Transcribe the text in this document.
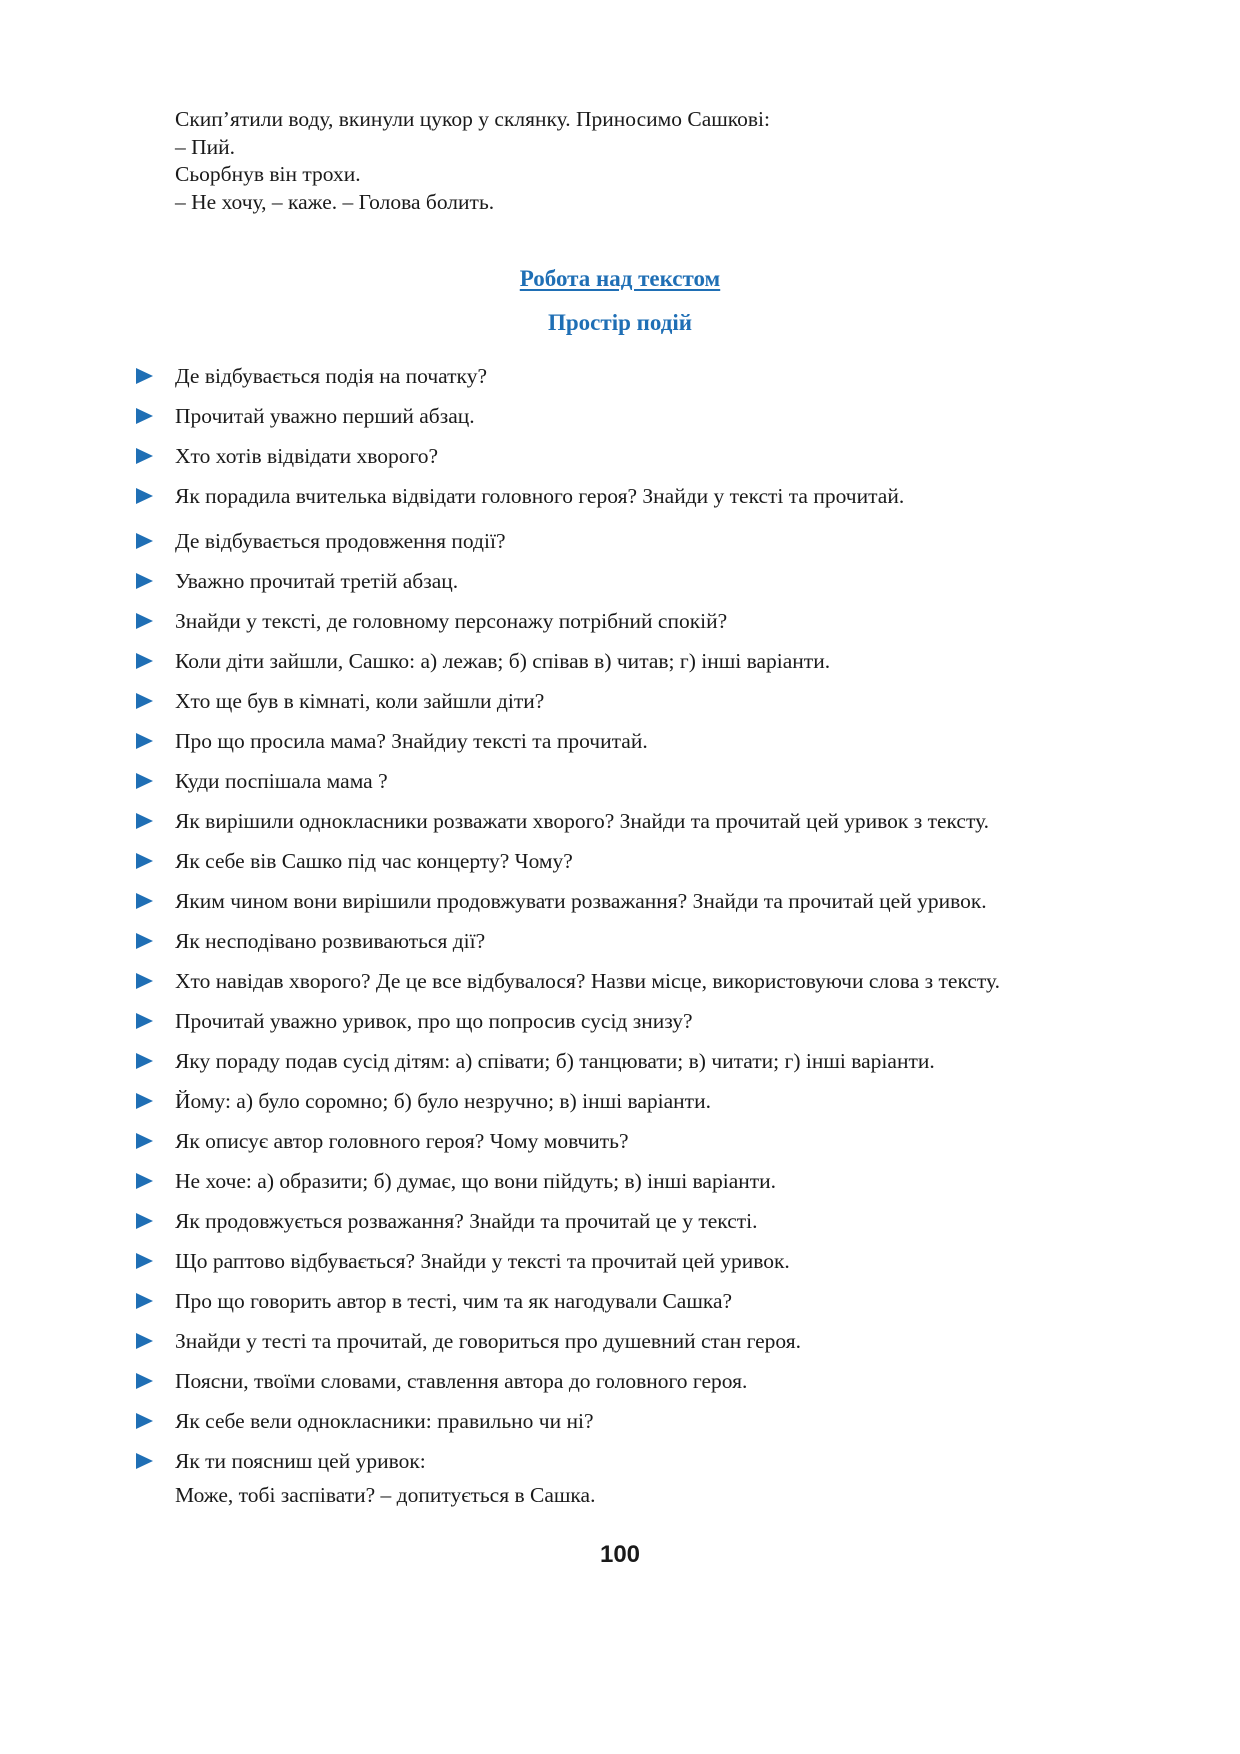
Скип’ятили воду, вкинули цукор у склянку. Приносимо Сашкові:

– Пий.

Сьорбнув він трохи.

– Не хочу, – каже. – Голова болить.

Робота над текстом
Простір подій
Де відбувається подія на початку?
Прочитай уважно перший абзац.
Хто хотів відвідати хворого?
Як порадила вчителька відвідати головного героя? Знайди у тексті та прочитай.
Де відбувається продовження події?
Уважно прочитай третій абзац.
Знайди у тексті, де головному персонажу потрібний спокій?
Коли діти зайшли, Сашко: а) лежав; б) співав в) читав; г) інші варіанти.
Хто ще був в кімнаті, коли зайшли діти?
Про що просила мама? Знайдиу тексті та прочитай.
Куди поспішала мама ?
Як вирішили однокласники розважати хворого? Знайди та прочитай цей уривок з тексту.
Як себе вів Сашко під час концерту? Чому?
Яким чином вони вирішили продовжувати розважання? Знайди та прочитай цей уривок.
Як несподівано розвиваються дії?
Хто навідав хворого? Де це все відбувалося? Назви місце, використовуючи слова з тексту.
Прочитай уважно уривок, про що попросив сусід знизу?
Яку пораду подав сусід дітям: а) співати; б) танцювати; в) читати; г) інші варіанти.
Йому: а) було соромно; б) було незручно; в) інші варіанти.
Як описує автор головного героя? Чому мовчить?
Не хоче: а) образити; б) думає, що вони пійдуть; в) інші варіанти.
Як продовжується розважання? Знайди та прочитай це у тексті.
Що раптово відбувається? Знайди у тексті та прочитай цей уривок.
Про що говорить автор в тесті, чим та як нагодували Сашка?
Знайди у тесті та прочитай, де говориться про душевний стан героя.
Поясни, твоїми словами, ставлення автора до головного героя.
Як себе вели однокласники: правильно чи ні?
Як ти поясниш цей уривок:
Може, тобі заспівати? – допитується в Сашка.
100
